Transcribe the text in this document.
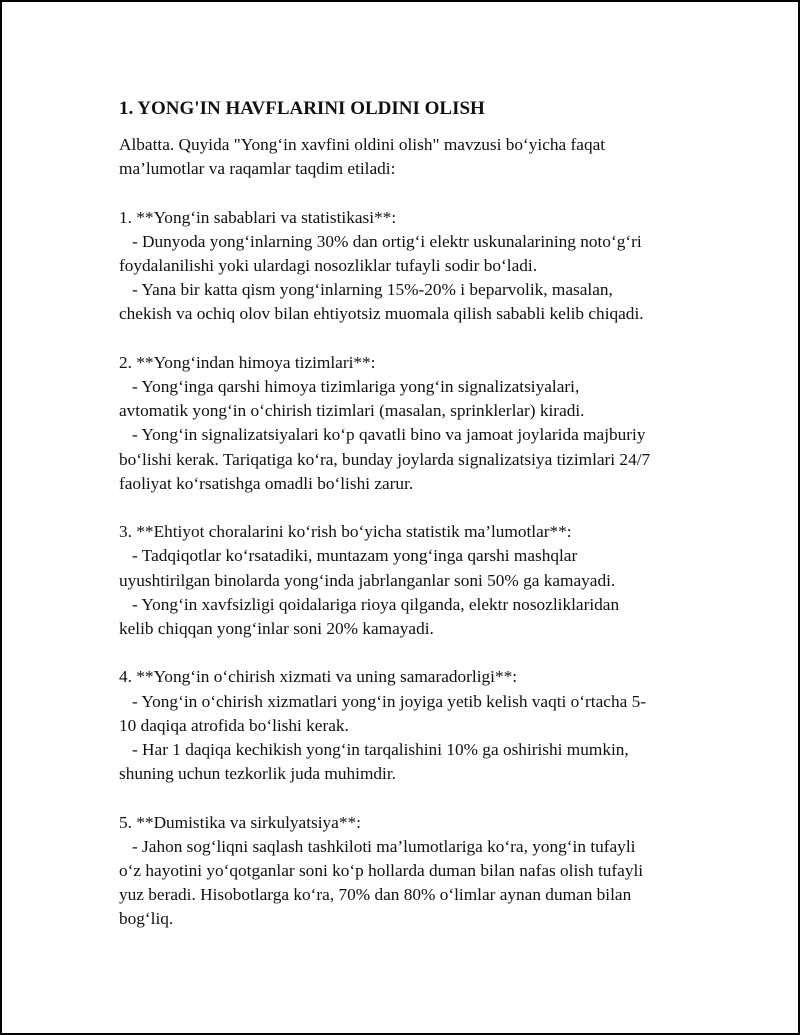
1. YONG'IN HAVFLARINI OLDINI OLISH

Albatta. Quyida "Yong‘in xavfini oldini olish" mavzusi bo‘yicha faqat
ma’lumotlar va raqamlar taqdim etiladi:

1. **Yong‘in sabablari va statistikasi**:

- Dunyoda yong‘inlarning 30% dan ortig‘i elektr uskunalarining noto‘g‘ri
foydalanilishi yoki ulardagi nosozliklar tufayli sodir bo‘ladi.

- Yana bir katta qism yong‘inlarning 15%-20% i beparvolik, masalan,
chekish va ochiq olov bilan ehtiyotsiz muomala qilish sababli kelib chiqadi.

2. **Yong‘indan himoya tizimlari**:

- Yong‘inga qarshi himoya tizimlariga yong‘in signalizatsiyalari,
avtomatik yong‘in o‘chirish tizimlari (masalan, sprinklerlar) kiradi.

- Yong‘in signalizatsiyalari ko‘p qavatli bino va jamoat joylarida majburiy
bo‘lishi kerak. Tariqatiga ko‘ra, bunday joylarda signalizatsiya tizimlari 24/7
faoliyat ko‘rsatishga omadli bo‘lishi zarur.

3. **Ehtiyot choralarini ko‘rish bo‘yicha statistik ma’lumotlar**:

- Tadqiqotlar ko‘rsatadiki, muntazam yong‘inga qarshi mashqlar
uyushtirilgan binolarda yong‘inda jabrlanganlar soni 50% ga kamayadi.

- Yong‘in xavfsizligi qoidalariga rioya qilganda, elektr nosozliklaridan
kelib chiqqan yong‘inlar soni 20% kamayadi.

4. **Yong‘in o‘chirish xizmati va uning samaradorligi**:

- Yong‘in o‘chirish xizmatlari yong‘in joyiga yetib kelish vaqti o‘rtacha 5-
10 daqiqa atrofida bo‘lishi kerak.

- Har 1 daqiqa kechikish yong‘in tarqalishini 10% ga oshirishi mumkin,
shuning uchun tezkorlik juda muhimdir.

5. **Dumistika va sirkulyatsiya**:

- Jahon sog‘liqni saqlash tashkiloti ma’lumotlariga ko‘ra, yong‘in tufayli
o‘z hayotini yo‘qotganlar soni ko‘p hollarda duman bilan nafas olish tufayli
yuz beradi. Hisobotlarga ko‘ra, 70% dan 80% o‘limlar aynan duman bilan
bog‘liq.
